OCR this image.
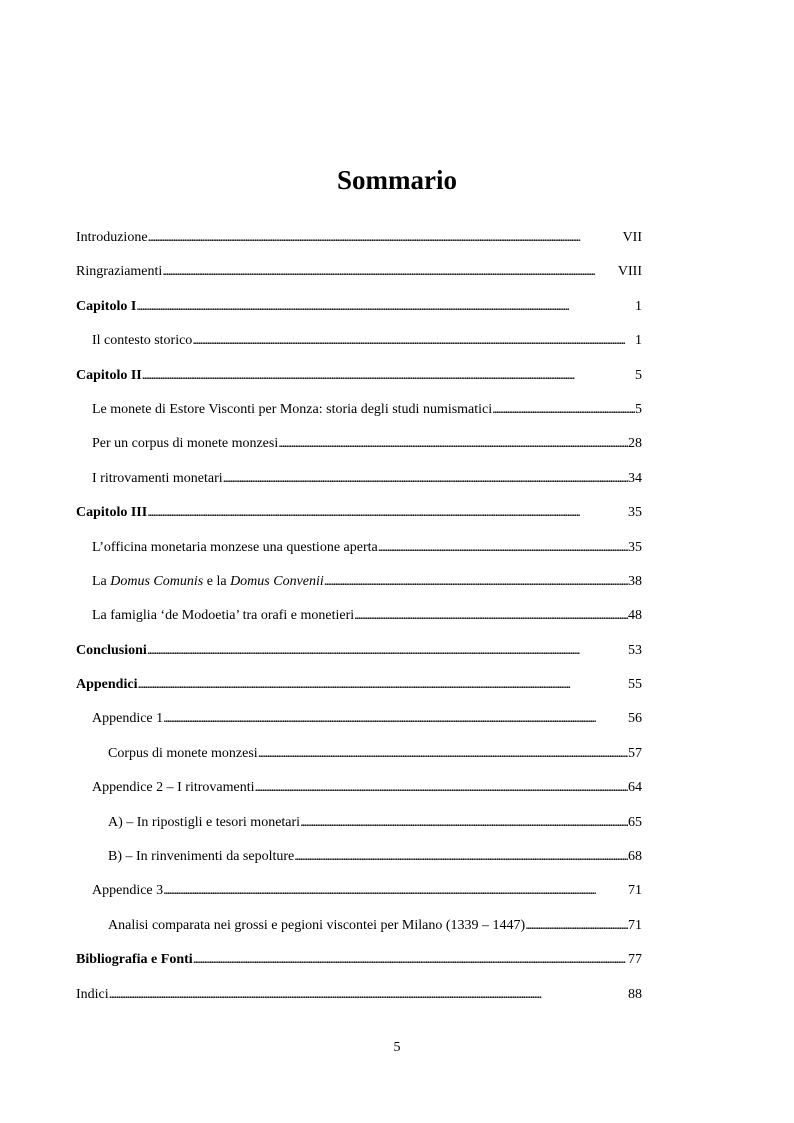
Sommario
Introduzione . . .	VII
Ringraziamenti . . .	VIII
Capitolo I . . .	1
Il contesto storico . . .	1
Capitolo II . . .	5
Le monete di Estore Visconti per Monza: storia degli studi numismatici . . .	5
Per un corpus di monete monzesi . . .	28
I ritrovamenti monetari . . .	34
Capitolo III . . .	35
L’officina monetaria monzese una questione aperta . . .	35
La Domus Comunis e la Domus Convenii . . .	38
La famiglia ‘de Modoetia’ tra orafi e monetieri . . .	48
Conclusioni . . .	53
Appendici . . .	55
Appendice 1 . . .	56
Corpus di monete monzesi . . .	57
Appendice 2 – I ritrovamenti . . .	64
A) – In ripostigli e tesori monetari . . .	65
B) – In rinvenimenti da sepolture . . .	68
Appendice 3 . . .	71
Analisi comparata nei grossi e pegioni viscontei per Milano (1339 – 1447) . . .	71
Bibliografia e Fonti . . .	77
Indici . . .	88
5
